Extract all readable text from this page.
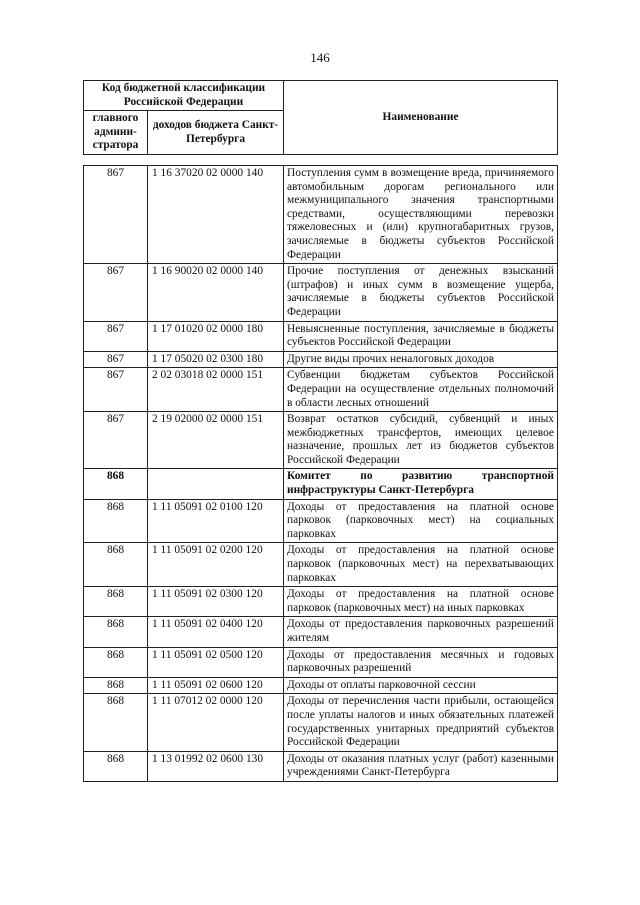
146
Код бюджетной классификации Российской Федерации		Наименование
главного админи-стратора	доходов бюджета Санкт-Петербурга	
867	1 16 37020 02 0000 140	Поступления сумм в возмещение вреда, причиняемого автомобильным дорогам регионального или межмуниципального значения транспортными средствами, осуществляющими перевозки тяжеловесных и (или) крупногабаритных грузов, зачисляемые в бюджеты субъектов Российской Федерации
867	1 16 90020 02 0000 140	Прочие поступления от денежных взысканий (штрафов) и иных сумм в возмещение ущерба, зачисляемые в бюджеты субъектов Российской Федерации
867	1 17 01020 02 0000 180	Невыясненные поступления, зачисляемые в бюджеты субъектов Российской Федерации
867	1 17 05020 02 0300 180	Другие виды прочих неналоговых доходов
867	2 02 03018 02 0000 151	Субвенции бюджетам субъектов Российской Федерации на осуществление отдельных полномочий в области лесных отношений
867	2 19 02000 02 0000 151	Возврат остатков субсидий, субвенций и иных межбюджетных трансфертов, имеющих целевое назначение, прошлых лет из бюджетов субъектов Российской Федерации
868		Комитет по развитию транспортной инфраструктуры Санкт-Петербурга
868	1 11 05091 02 0100 120	Доходы от предоставления на платной основе парковок (парковочных мест) на социальных парковках
868	1 11 05091 02 0200 120	Доходы от предоставления на платной основе парковок (парковочных мест) на перехватывающих парковках
868	1 11 05091 02 0300 120	Доходы от предоставления на платной основе парковок (парковочных мест) на иных парковках
868	1 11 05091 02 0400 120	Доходы от предоставления парковочных разрешений жителям
868	1 11 05091 02 0500 120	Доходы от предоставления месячных и годовых парковочных разрешений
868	1 11 05091 02 0600 120	Доходы от оплаты парковочной сессии
868	1 11 07012 02 0000 120	Доходы от перечисления части прибыли, остающейся после уплаты налогов и иных обязательных платежей государственных унитарных предприятий субъектов Российской Федерации
868	1 13 01992 02 0600 130	Доходы от оказания платных услуг (работ) казенными учреждениями Санкт-Петербурга
